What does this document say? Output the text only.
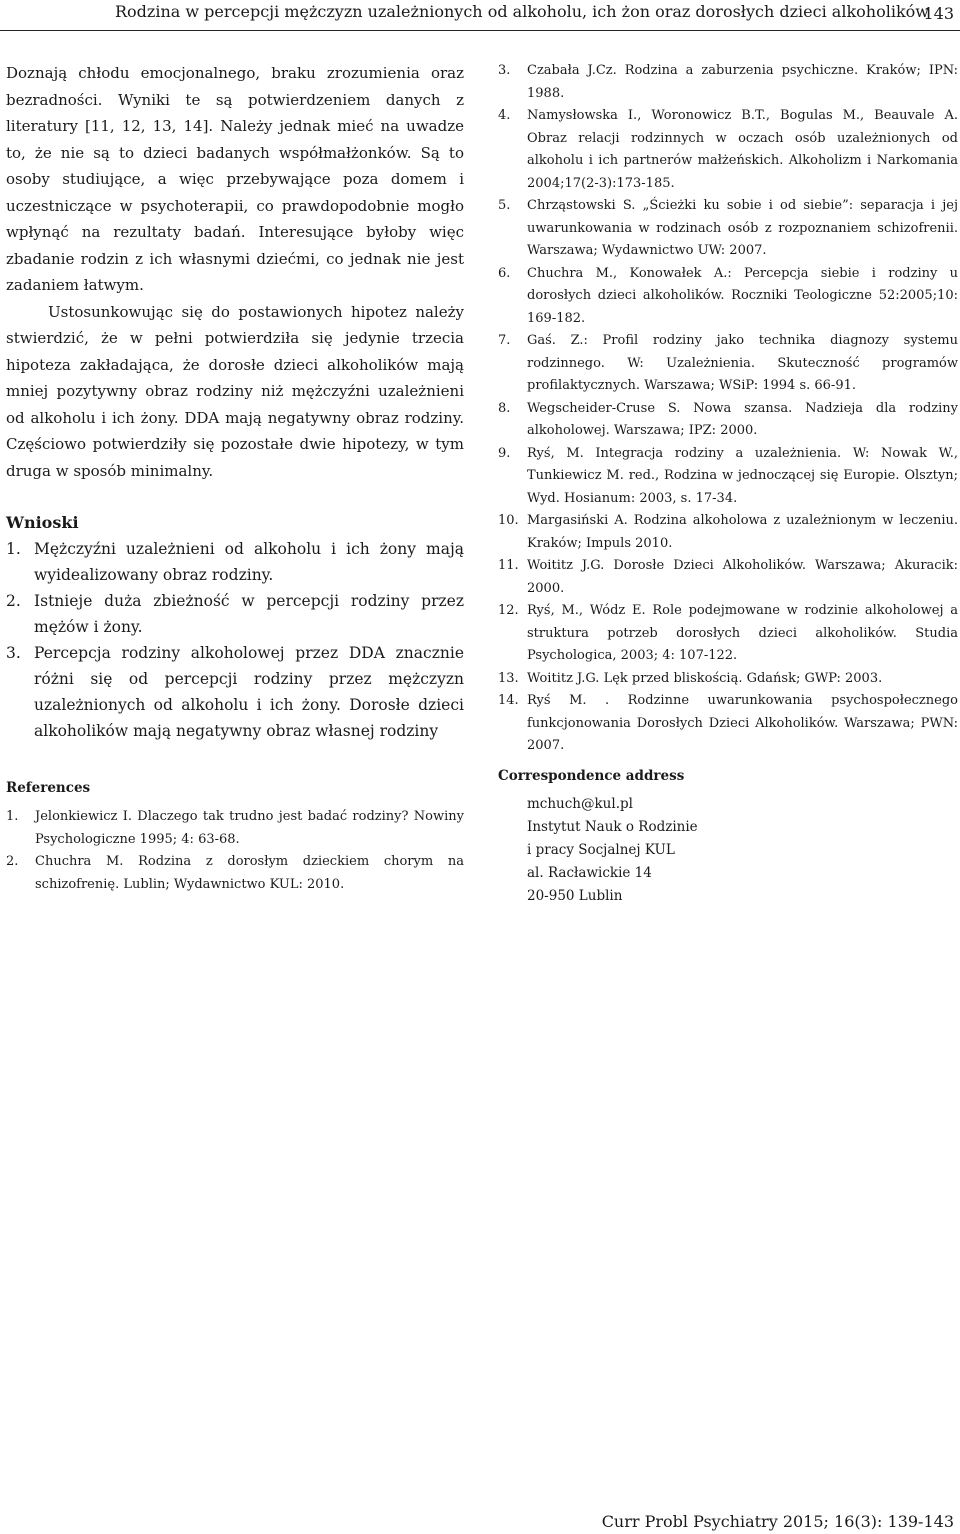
Rodzina w percepcji mężczyzn uzależnionych od alkoholu, ich żon oraz dorosłych dzieci alkoholików
143

Doznają chłodu emocjonalnego, braku zrozumienia oraz bezradności. Wyniki te są potwierdzeniem danych z literatury [11, 12, 13, 14]. Należy jednak mieć na uwadze to, że nie są to dzieci badanych współmałżonków. Są to osoby studiujące, a więc przebywające poza domem i uczestniczące w psychoterapii, co prawdopodobnie mogło wpłynąć na rezultaty badań. Interesujące byłoby więc zbadanie rodzin z ich własnymi dziećmi, co jednak nie jest zadaniem łatwym.

Ustosunkowując się do postawionych hipotez należy stwierdzić, że w pełni potwierdziła się jedynie trzecia hipoteza zakładająca, że dorosłe dzieci alkoholików mają mniej pozytywny obraz rodziny niż mężczyźni uzależnieni od alkoholu i ich żony. DDA mają negatywny obraz rodziny. Częściowo potwierdziły się pozostałe dwie hipotezy, w tym druga w sposób minimalny.

Wnioski
1. Mężczyźni uzależnieni od alkoholu i ich żony mają wyidealizowany obraz rodziny.
2. Istnieje duża zbieżność w percepcji rodziny przez mężów i żony.
3. Percepcja rodziny alkoholowej przez DDA znacznie różni się od percepcji rodziny przez mężczyzn uzależnionych od alkoholu i ich żony. Dorosłe dzieci alkoholików mają negatywny obraz własnej rodziny
References
1. Jelonkiewicz I. Dlaczego tak trudno jest badać rodziny? Nowiny Psychologiczne 1995; 4: 63-68.
2. Chuchra M. Rodzina z dorosłym dzieckiem chorym na schizofrenię. Lublin; Wydawnictwo KUL: 2010.
3. Czabała J.Cz. Rodzina a zaburzenia psychiczne. Kraków; IPN: 1988.
4. Namysłowska I., Woronowicz B.T., Bogulas M., Beauvale A. Obraz relacji rodzinnych w oczach osób uzależnionych od alkoholu i ich partnerów małżeńskich. Alkoholizm i Narkomania 2004;17(2-3):173-185.
5. Chrząstowski S. „Ścieżki ku sobie i od siebie”: separacja i jej uwarunkowania w rodzinach osób z rozpoznaniem schizofrenii. Warszawa; Wydawnictwo UW: 2007.
6. Chuchra M., Konowałek A.: Percepcja siebie i rodziny u dorosłych dzieci alkoholików. Roczniki Teologiczne 52:2005;10: 169-182.
7. Gaś. Z.: Profil rodziny jako technika diagnozy systemu rodzinnego. W: Uzależnienia. Skuteczność programów profilaktycznych. Warszawa; WSiP: 1994 s. 66-91.
8. Wegscheider-Cruse S. Nowa szansa. Nadzieja dla rodziny alkoholowej. Warszawa; IPZ: 2000.
9. Ryś, M. Integracja rodziny a uzależnienia. W: Nowak W., Tunkiewicz M. red., Rodzina w jednoczącej się Europie. Olsztyn; Wyd. Hosianum: 2003, s. 17-34.
10. Margasiński A. Rodzina alkoholowa z uzależnionym w leczeniu. Kraków; Impuls 2010.
11. Woititz J.G. Dorosłe Dzieci Alkoholików. Warszawa; Akuracik: 2000.
12. Ryś, M., Wódz E. Role podejmowane w rodzinie alkoholowej a struktura potrzeb dorosłych dzieci alkoholików. Studia Psychologica, 2003; 4: 107-122.
13. Woititz J.G. Lęk przed bliskością. Gdańsk; GWP: 2003.
14. Ryś M. . Rodzinne uwarunkowania psychospołecznego funkcjonowania Dorosłych Dzieci Alkoholików. Warszawa; PWN: 2007.
Correspondence address
mchuch@kul.pl
Instytut Nauk o Rodzinie
i pracy Socjalnej KUL
al. Racławickie 14
20-950 Lublin
Curr Probl Psychiatry 2015; 16(3): 139-143
